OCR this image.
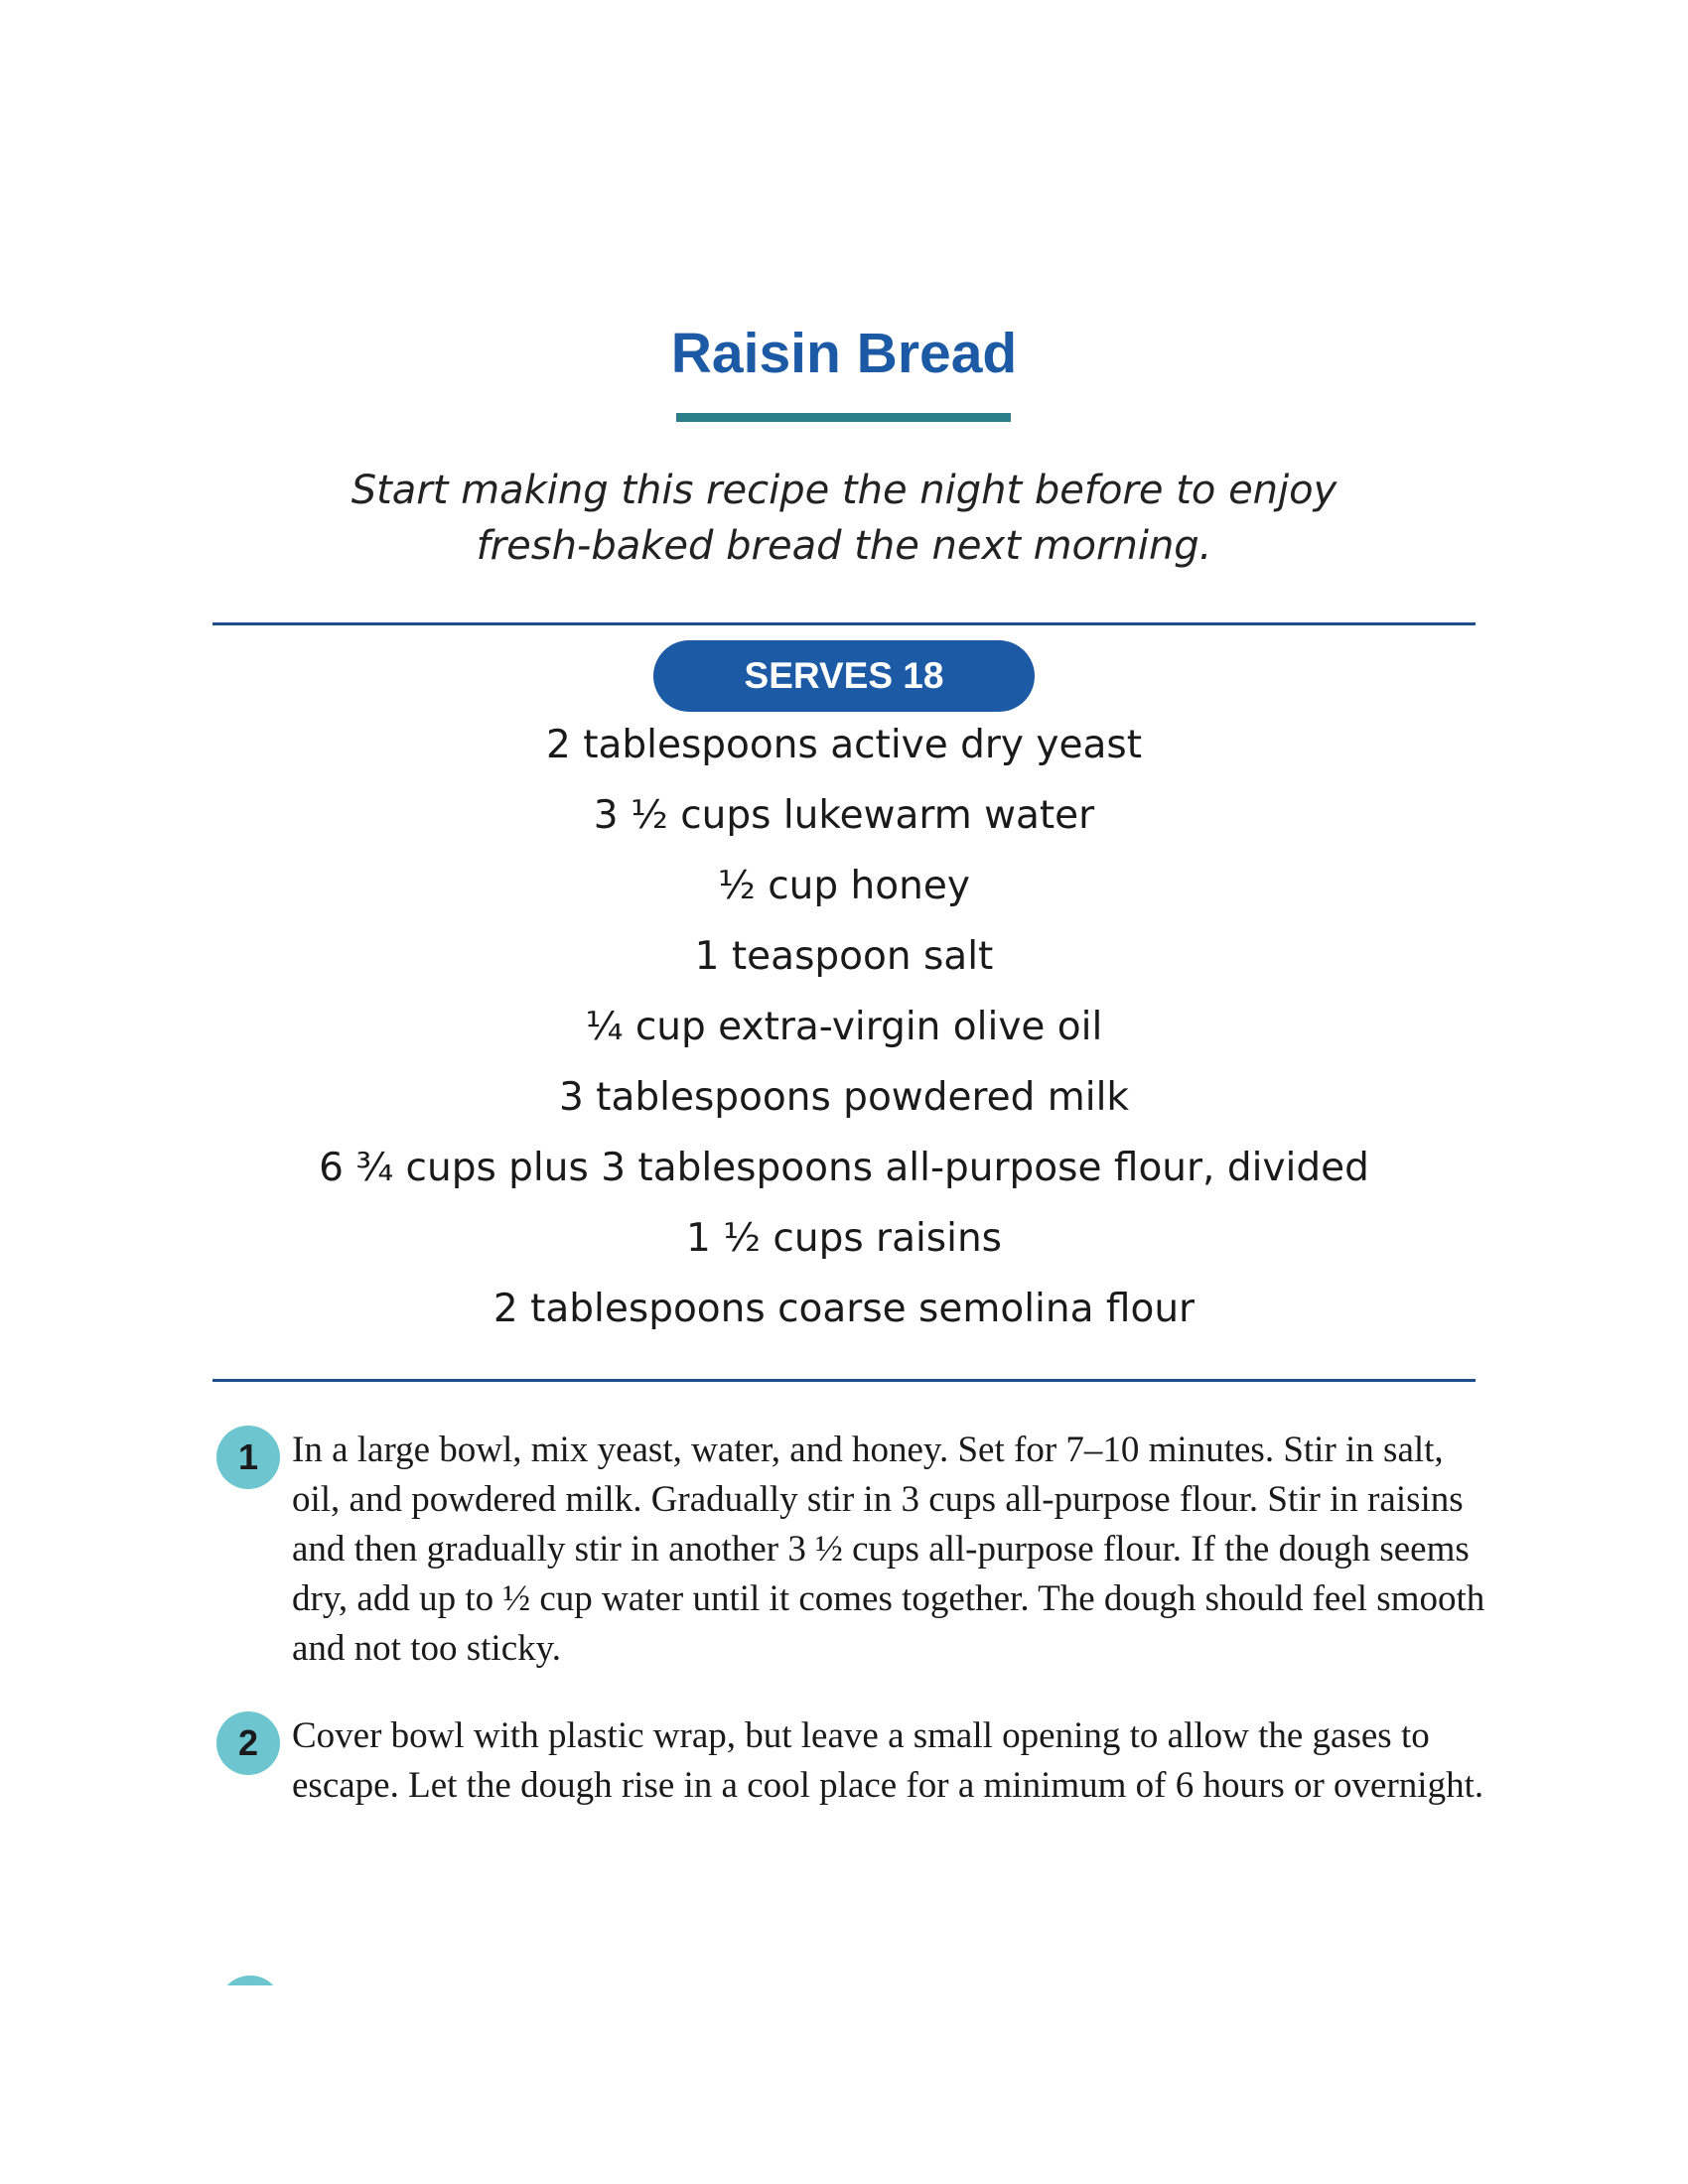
Raisin Bread
Start making this recipe the night before to enjoy
fresh-baked bread the next morning.
SERVES 18
2 tablespoons active dry yeast
3 ½ cups lukewarm water
½ cup honey
1 teaspoon salt
¼ cup extra-virgin olive oil
3 tablespoons powdered milk
6 ¾ cups plus 3 tablespoons all-purpose flour, divided
1 ½ cups raisins
2 tablespoons coarse semolina flour
1 In a large bowl, mix yeast, water, and honey. Set for 7–10 minutes. Stir in salt, oil, and powdered milk. Gradually stir in 3 cups all-purpose flour. Stir in raisins and then gradually stir in another 3 ½ cups all-purpose flour. If the dough seems dry, add up to ½ cup water until it comes together. The dough should feel smooth and not too sticky.

2 Cover bowl with plastic wrap, but leave a small opening to allow the gases to escape. Let the dough rise in a cool place for a minimum of 6 hours or overnight.
